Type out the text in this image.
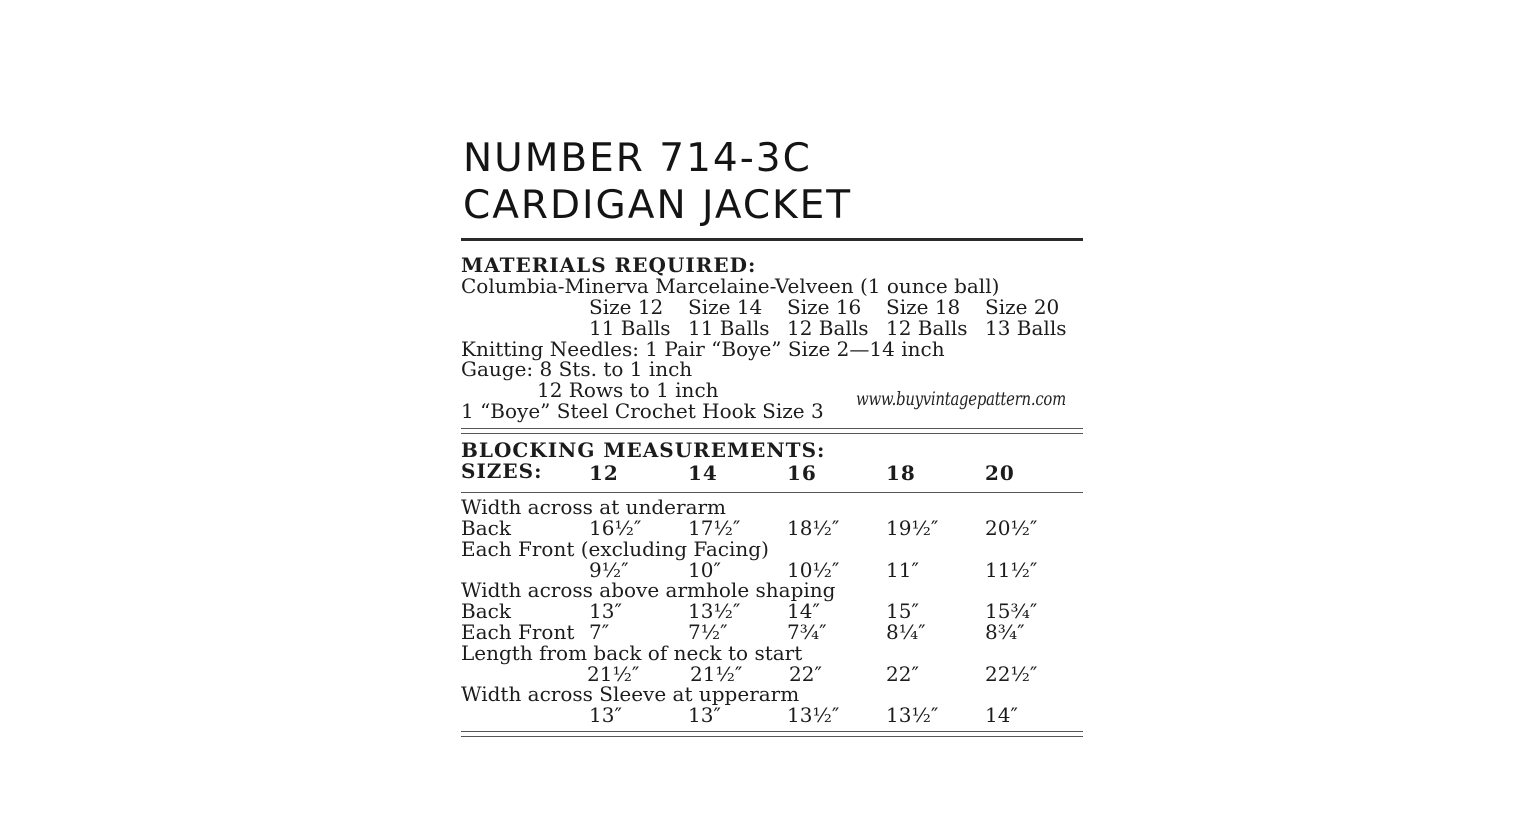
NUMBER 714-3C
CARDIGAN JACKET
MATERIALS REQUIRED:
Columbia-Minerva Marcelaine-Velveen (1 ounce ball)
Size 12 Size 14 Size 16 Size 18 Size 20
11 Balls 11 Balls 12 Balls 12 Balls 13 Balls
Knitting Needles: 1 Pair “Boye” Size 2—14 inch
Gauge: 8 Sts. to 1 inch
12 Rows to 1 inch
1 “Boye” Steel Crochet Hook Size 3 www.buyvintagepattern.com
BLOCKING MEASUREMENTS:
SIZES: 12	14	16	18	20
Width across at underarm
Back	16½″ 17½″ 18½″ 19½″ 20½″
Each Front (excluding Facing)
9½″	10″	10½″ 11″	11½″
Width across above armhole shaping
Back	13″	13½″ 14″	15″	15¾″
Each Front 7″	7½″	7¾″	8¼″	8¾″
Length from back of neck to start
21½″	21½″ 22″	22″	22½″
Width across Sleeve at upperarm
13″	13″	13½″ 13½″ 14″
